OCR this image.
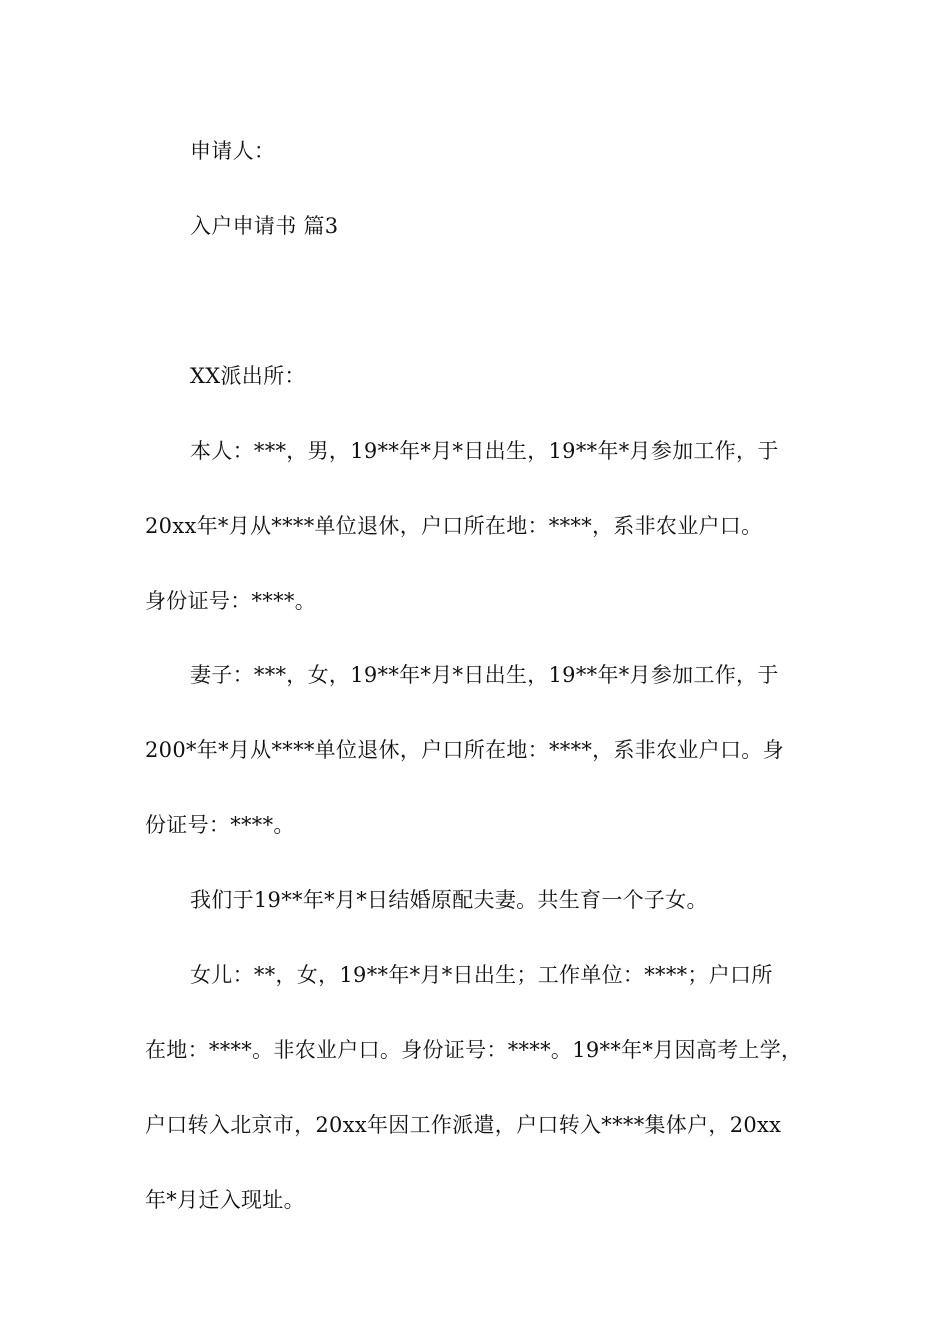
申请人：
入户申请书 篇3
XX派出所：
本人：***，男，19**年*月*日出生，19**年*月参加工作，于
20xx年*月从****单位退休，户口所在地：****，系非农业户口。
身份证号：****。
妻子：***，女，19**年*月*日出生，19**年*月参加工作，于
200*年*月从****单位退休，户口所在地：****，系非农业户口。身
份证号：****。
我们于19**年*月*日结婚原配夫妻。共生育一个子女。
女儿：**，女，19**年*月*日出生；工作单位：****；户口所
在地：****。非农业户口。身份证号：****。19**年*月因高考上学，
户口转入北京市，20xx年因工作派遣，户口转入****集体户，20xx
年*月迁入现址。
